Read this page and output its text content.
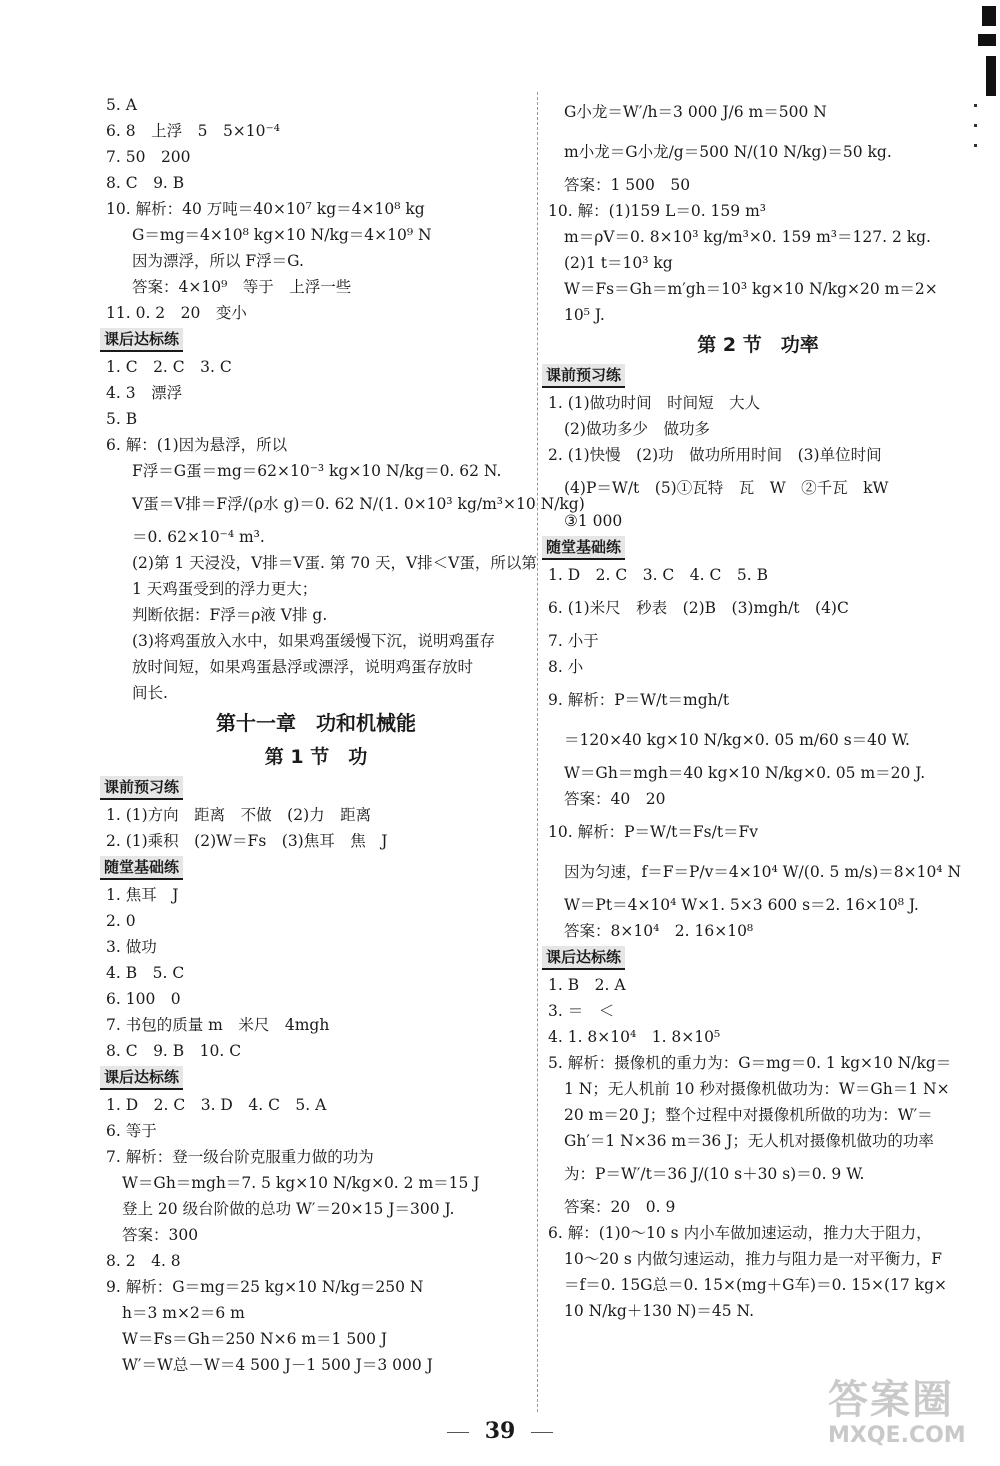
5. A
6. 8　上浮　5　5×10⁻⁴
7. 50　200
8. C　9. B
10. 解析：40 万吨＝40×10⁷ kg＝4×10⁸ kg
G＝mg＝4×10⁸ kg×10 N/kg＝4×10⁹ N
因为漂浮，所以 F浮＝G.
答案：4×10⁹　等于　上浮一些
11. 0. 2　20　变小
课后达标练
1. C　2. C　3. C
4. 3　漂浮
5. B
6. 解：(1)因为悬浮，所以
F浮＝G蛋＝mg＝62×10⁻³ kg×10 N/kg＝0. 62 N.
V蛋＝V排＝F浮/(ρ水 g)＝0. 62 N/(1. 0×10³ kg/m³×10 N/kg)
＝0. 62×10⁻⁴ m³.
(2)第 1 天浸没，V排＝V蛋. 第 70 天，V排＜V蛋，所以第
1 天鸡蛋受到的浮力更大；
判断依据：F浮＝ρ液 V排 g.
(3)将鸡蛋放入水中，如果鸡蛋缓慢下沉，说明鸡蛋存
放时间短，如果鸡蛋悬浮或漂浮，说明鸡蛋存放时
间长.
第十一章　功和机械能
第 1 节　功
课前预习练
1. (1)方向　距离　不做　(2)力　距离
2. (1)乘积　(2)W＝Fs　(3)焦耳　焦　J
随堂基础练
1. 焦耳　J
2. 0
3. 做功
4. B　5. C
6. 100　0
7. 书包的质量 m　米尺　4mgh
8. C　9. B　10. C
课后达标练
1. D　2. C　3. D　4. C　5. A
6. 等于
7. 解析：登一级台阶克服重力做的功为
W＝Gh＝mgh＝7. 5 kg×10 N/kg×0. 2 m＝15 J
登上 20 级台阶做的总功 W′＝20×15 J＝300 J.
答案：300
8. 2　4. 8
9. 解析：G＝mg＝25 kg×10 N/kg＝250 N
h＝3 m×2＝6 m
W＝Fs＝Gh＝250 N×6 m＝1 500 J
W′＝W总－W＝4 500 J－1 500 J＝3 000 J
G小龙＝W′/h＝3 000 J/6 m＝500 N
m小龙＝G小龙/g＝500 N/(10 N/kg)＝50 kg.
答案：1 500　50
10. 解：(1)159 L＝0. 159 m³
m＝ρV＝0. 8×10³ kg/m³×0. 159 m³＝127. 2 kg.
(2)1 t＝10³ kg
W＝Fs＝Gh＝m′gh＝10³ kg×10 N/kg×20 m＝2×
10⁵ J.
第 2 节　功率
课前预习练
1. (1)做功时间　时间短　大人
(2)做功多少　做功多
2. (1)快慢　(2)功　做功所用时间　(3)单位时间
(4)P＝W/t　(5)①瓦特　瓦　W　②千瓦　kW
③1 000
随堂基础练
1. D　2. C　3. C　4. C　5. B
6. (1)米尺　秒表　(2)B　(3)mgh/t　(4)C
7. 小于
8. 小
9. 解析：P＝W/t＝mgh/t
＝120×40 kg×10 N/kg×0. 05 m/60 s＝40 W.
W＝Gh＝mgh＝40 kg×10 N/kg×0. 05 m＝20 J.
答案：40　20
10. 解析：P＝W/t＝Fs/t＝Fv
因为匀速，f＝F＝P/v＝4×10⁴ W/(0. 5 m/s)＝8×10⁴ N
W＝Pt＝4×10⁴ W×1. 5×3 600 s＝2. 16×10⁸ J.
答案：8×10⁴　2. 16×10⁸
课后达标练
1. B　2. A
3. ＝　＜
4. 1. 8×10⁴　1. 8×10⁵
5. 解析：摄像机的重力为：G＝mg＝0. 1 kg×10 N/kg＝
1 N；无人机前 10 秒对摄像机做功为：W＝Gh＝1 N×
20 m＝20 J；整个过程中对摄像机所做的功为：W′＝
Gh′＝1 N×36 m＝36 J；无人机对摄像机做功的功率
为：P＝W′/t＝36 J/(10 s＋30 s)＝0. 9 W.
答案：20　0. 9
6. 解：(1)0～10 s 内小车做加速运动，推力大于阻力，
10～20 s 内做匀速运动，推力与阻力是一对平衡力，F
＝f＝0. 15G总＝0. 15×(mg＋G车)＝0. 15×(17 kg×
10 N/kg＋130 N)＝45 N.
39
答案圈
MXQE.COM
